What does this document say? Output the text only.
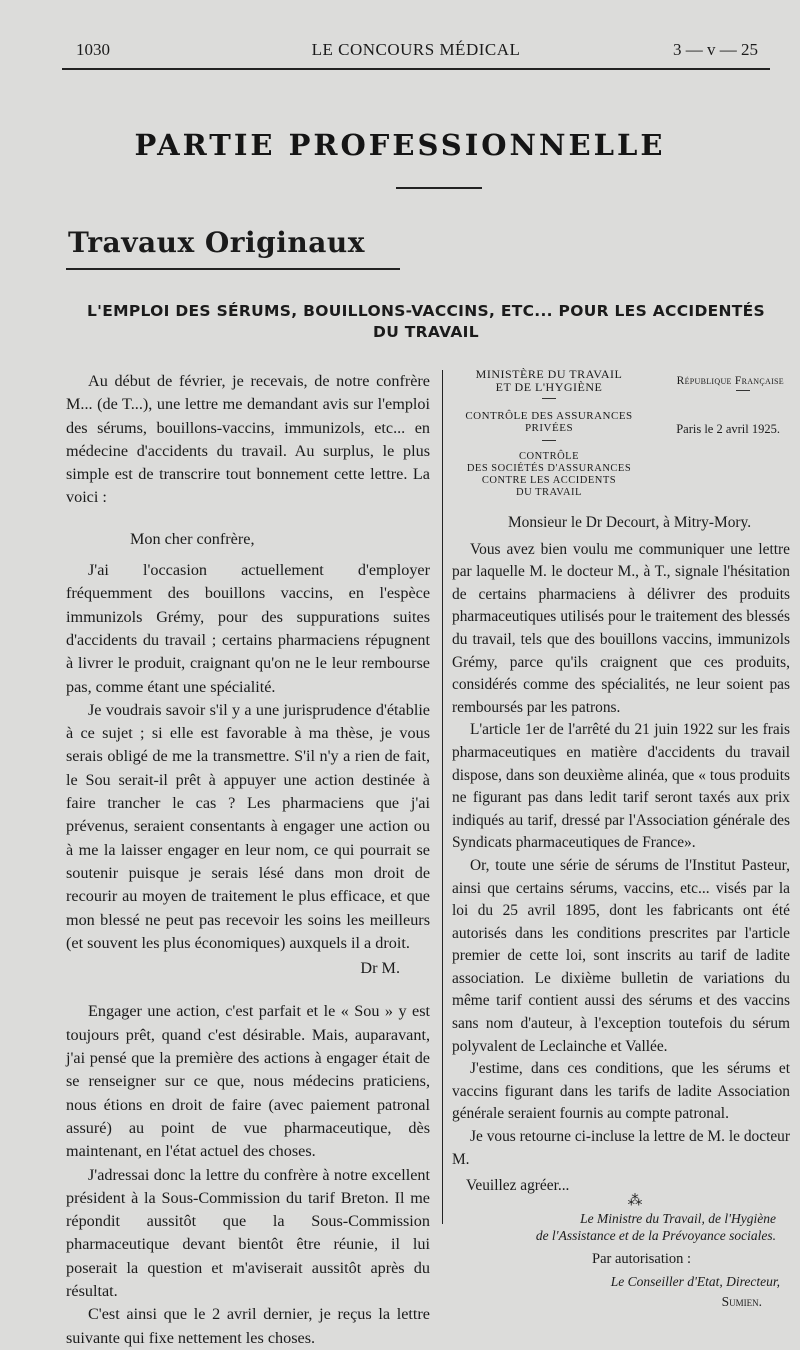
1030	LE CONCOURS MÉDICAL	3 — v — 25
PARTIE PROFESSIONNELLE
Travaux Originaux
L'EMPLOI DES SÉRUMS, BOUILLONS-VACCINS, ETC... POUR LES ACCIDENTÉS
DU TRAVAIL

Au début de février, je recevais, de notre confrère M... (de T...), une lettre me demandant avis sur l'emploi des sérums, bouillons-vaccins, immunizols, etc... en médecine d'accidents du travail. Au surplus, le plus simple est de transcrire tout bonnement cette lettre. La voici :

Mon cher confrère,

J'ai l'occasion actuellement d'employer fréquemment des bouillons vaccins, en l'espèce immunizols Grémy, pour des suppurations suites d'accidents du travail ; certains pharmaciens répugnent à livrer le produit, craignant qu'on ne le leur rembourse pas, comme étant une spécialité.

Je voudrais savoir s'il y a une jurisprudence d'établie à ce sujet ; si elle est favorable à ma thèse, je vous serais obligé de me la transmettre. S'il n'y a rien de fait, le Sou serait-il prêt à appuyer une action destinée à faire trancher le cas ? Les pharmaciens que j'ai prévenus, seraient consentants à engager une action ou à me la laisser engager en leur nom, ce qui pourrait se soutenir puisque je serais lésé dans mon droit de recourir au moyen de traitement le plus efficace, et que mon blessé ne peut pas recevoir les soins les meilleurs (et souvent les plus économiques) auxquels il a droit.

Dr M.

Engager une action, c'est parfait et le « Sou » y est toujours prêt, quand c'est désirable. Mais, auparavant, j'ai pensé que la première des actions à engager était de se renseigner sur ce que, nous médecins praticiens, nous étions en droit de faire (avec paiement patronal assuré) au point de vue pharmaceutique, dès maintenant, en l'état actuel des choses.

J'adressai donc la lettre du confrère à notre excellent président à la Sous-Commission du tarif Breton. Il me répondit aussitôt que la Sous-Commission pharmaceutique devant bientôt être réunie, il lui poserait la question et m'aviserait aussitôt après du résultat.

C'est ainsi que le 2 avril dernier, je reçus la lettre suivante qui fixe nettement les choses.

MINISTÈRE DU TRAVAIL
ET DE L'HYGIÈNE	République Française
CONTRÔLE DES ASSURANCES
PRIVÉES	Paris le 2 avril 1925.
CONTRÔLE
DES SOCIÉTÉS D'ASSURANCES
CONTRE LES ACCIDENTS
DU TRAVAIL

Monsieur le Dr Decourt, à Mitry-Mory.

Vous avez bien voulu me communiquer une lettre par laquelle M. le docteur M., à T., signale l'hésitation de certains pharmaciens à délivrer des produits pharmaceutiques utilisés pour le traitement des blessés du travail, tels que des bouillons vaccins, immunizols Grémy, parce qu'ils craignent que ces produits, considérés comme des spécialités, ne leur soient pas remboursés par les patrons.

L'article 1er de l'arrêté du 21 juin 1922 sur les frais pharmaceutiques en matière d'accidents du travail dispose, dans son deuxième alinéa, que « tous produits ne figurant pas dans ledit tarif seront taxés aux prix indiqués au tarif, dressé par l'Association générale des Syndicats pharmaceutiques de France».

Or, toute une série de sérums de l'Institut Pasteur, ainsi que certains sérums, vaccins, etc... visés par la loi du 25 avril 1895, dont les fabricants ont été autorisés dans les conditions prescrites par l'article premier de cette loi, sont inscrits au tarif de ladite association. Le dixième bulletin de variations du même tarif contient aussi des sérums et des vaccins sans nom d'auteur, à l'exception toutefois du sérum polyvalent de Leclainche et Vallée.

J'estime, dans ces conditions, que les sérums et vaccins figurant dans les tarifs de ladite Association générale seraient fournis au compte patronal.

Je vous retourne ci-incluse la lettre de M. le docteur M.

Veuillez agréer...

Le Ministre du Travail, de l'Hygiène
de l'Assistance et de la Prévoyance sociales.

Par autorisation :

Le Conseiller d'Etat, Directeur,

Sumien.

⁂
